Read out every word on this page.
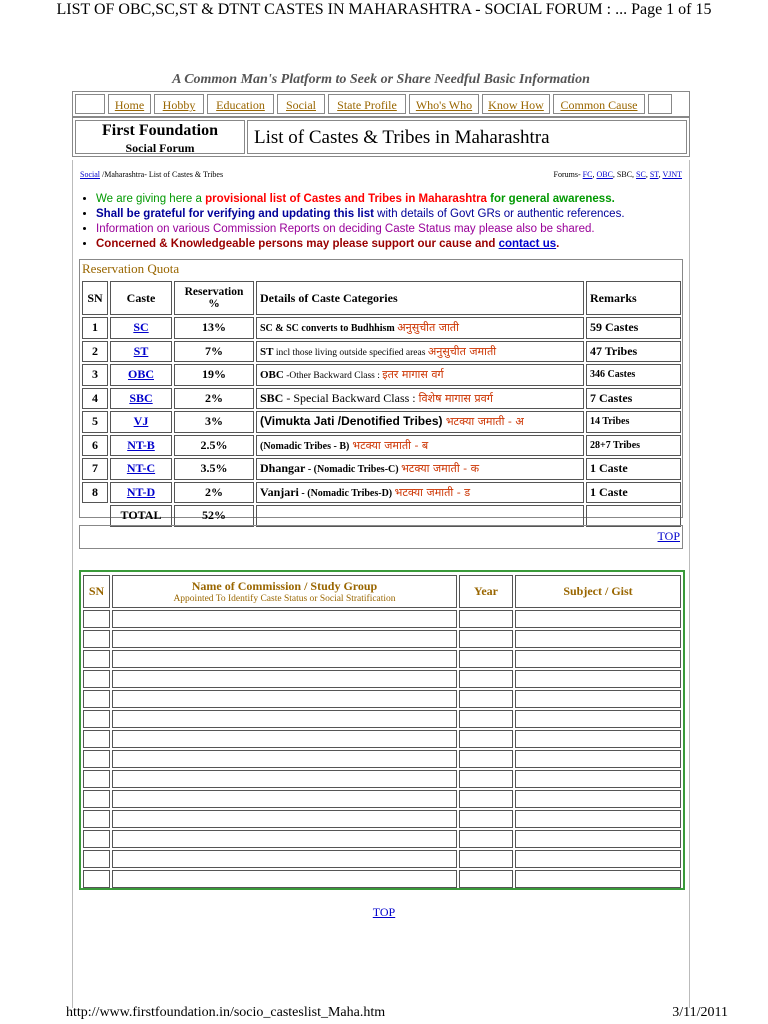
LIST OF OBC,SC,ST & DTNT CASTES IN MAHARASHTRA - SOCIAL FORUM : ... Page 1 of 15
A Common Man's Platform to Seek or Share Needful Basic Information
Home	Hobby	Education	Social	State Profile	Who's Who	Know How	Common Cause
First Foundation
Social Forum	List of Castes & Tribes in Maharashtra
Social /Maharashtra- List of Castes & Tribes	Forums- FC, OBC, SBC, SC, ST, VJNT
• We are giving here a provisional list of Castes and Tribes in Maharashtra for general awareness.
• Shall be grateful for verifying and updating this list with details of Govt GRs or authentic references.
• Information on various Commission Reports on deciding Caste Status may please also be shared.
• Concerned & Knowledgeable persons may please support our cause and contact us.
Reservation Quota
SN	Caste	Reservation %	Details of Caste Categories	Remarks
1	SC	13%	SC & SC converts to Budhhism अनुसुचीत जाती	59 Castes
2	ST	7%	ST incl those living outside specified areas अनुसुचीत जमाती	47 Tribes
3	OBC	19%	OBC -Other Backward Class : इतर मागास वर्ग	346 Castes
4	SBC	2%	SBC - Special Backward Class : विशेष मागास प्रवर्ग	7 Castes
5	VJ	3%	(Vimukta Jati /Denotified Tribes) भटक्या जमाती - अ	14 Tribes
6	NT-B	2.5%	(Nomadic Tribes - B) भटक्या जमाती - ब	28+7 Tribes
7	NT-C	3.5%	Dhangar - (Nomadic Tribes-C) भटक्या जमाती - क	1 Caste
8	NT-D	2%	Vanjari - (Nomadic Tribes-D) भटक्या जमाती - ड	1 Caste
	TOTAL	52%		
TOP
SN	Name of Commission / Study Group
Appointed To Identify Caste Status or Social Stratification	Year	Subject / Gist

TOP
http://www.firstfoundation.in/socio_casteslist_Maha.htm	3/11/2011
